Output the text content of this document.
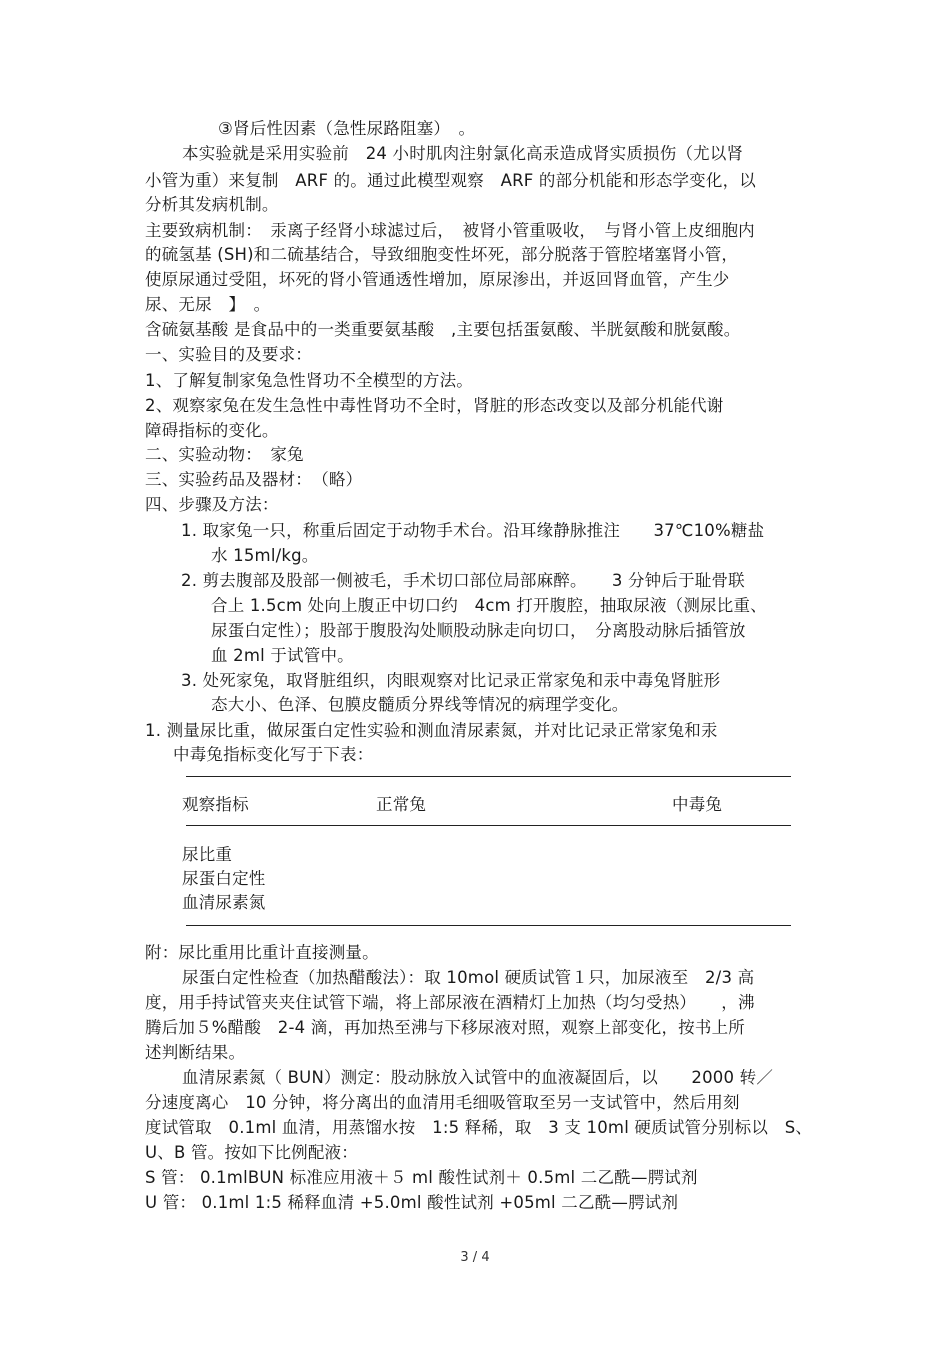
③肾后性因素（急性尿路阻塞）　。
本实验就是采用实验前　24 小时肌肉注射氯化高汞造成肾实质损伤（尤以肾
小管为重）来复制　ARF 的。通过此模型观察　ARF 的部分机能和形态学变化，以
分析其发病机制。
主要致病机制：　汞离子经肾小球滤过后，　被肾小管重吸收，　与肾小管上皮细胞内
的硫氢基 (SH)和二硫基结合，导致细胞变性坏死，部分脱落于管腔堵塞肾小管，
使原尿通过受阻，坏死的肾小管通透性增加，原尿渗出，并返回肾血管，产生少
尿、无尿　】　。
含硫氨基酸 是食品中的一类重要氨基酸　,主要包括蛋氨酸、半胱氨酸和胱氨酸。
一、实验目的及要求：
1、了解复制家兔急性肾功不全模型的方法。
2、观察家兔在发生急性中毒性肾功不全时，肾脏的形态改变以及部分机能代谢
障碍指标的变化。
二、实验动物：　家兔
三、实验药品及器材：　（略）
四、步骤及方法：
1. 取家兔一只，称重后固定于动物手术台。沿耳缘静脉推注　　37℃10%糖盐
水 15ml/kg。
2. 剪去腹部及股部一侧被毛，手术切口部位局部麻醉。　　3 分钟后于耻骨联
合上 1.5cm 处向上腹正中切口约　4cm 打开腹腔，抽取尿液（测尿比重、
尿蛋白定性）；股部于腹股沟处顺股动脉走向切口，　分离股动脉后插管放
血 2ml 于试管中。
3. 处死家兔，取肾脏组织，肉眼观察对比记录正常家兔和汞中毒兔肾脏形
态大小、色泽、包膜皮髓质分界线等情况的病理学变化。
1. 测量尿比重，做尿蛋白定性实验和测血清尿素氮，并对比记录正常家兔和汞
中毒兔指标变化写于下表：
观察指标	正常兔	中毒兔
尿比重
尿蛋白定性
血清尿素氮
附：尿比重用比重计直接测量。
尿蛋白定性检查（加热醋酸法）：取 10mol 硬质试管１只，加尿液至　2/3 高
度，用手持试管夹夹住试管下端，将上部尿液在酒精灯上加热（均匀受热）　　，沸
腾后加５%醋酸　2-4 滴，再加热至沸与下移尿液对照，观察上部变化，按书上所
述判断结果。
血清尿素氮（ BUN）测定：股动脉放入试管中的血液凝固后，以　　2000 转／
分速度离心　10 分钟，将分离出的血清用毛细吸管取至另一支试管中，然后用刻
度试管取　0.1ml 血清，用蒸馏水按　1:5 释稀，取　3 支 10ml 硬质试管分别标以　S、
U、B 管。按如下比例配液：
S 管： 0.1mlBUN 标准应用液＋５ ml 酸性试剂＋ 0.5ml 二乙酰—腭试剂
U 管： 0.1ml 1:5 稀释血清 +5.0ml 酸性试剂 +05ml 二乙酰—腭试剂
3 / 4
